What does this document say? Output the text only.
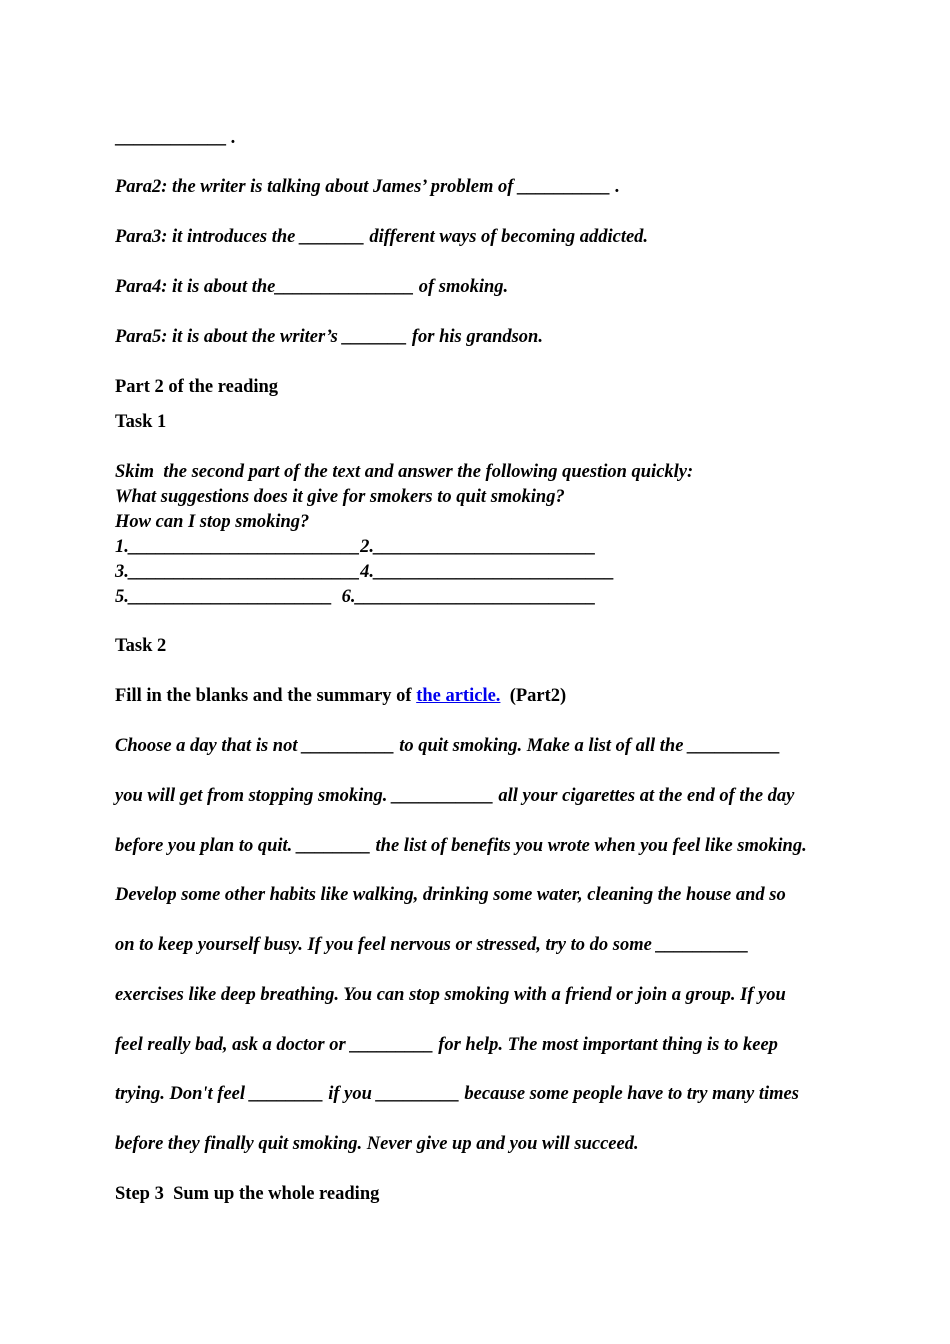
____________ .
Para2: the writer is talking about James’ problem of __________ .
Para3: it introduces the _______ different ways of becoming addicted.
Para4: it is about the_______________ of smoking.
Para5: it is about the writer’s _______ for his grandson.
Part 2 of the reading
Task 1
Skim  the second part of the text and answer the following question quickly:
What suggestions does it give for smokers to quit smoking?
How can I stop smoking?
1._________________________2.________________________
3._________________________4.__________________________
5.______________________  6.__________________________
Task 2
Fill in the blanks and the summary of the article.  (Part2)
Choose a day that is not __________ to quit smoking. Make a list of all the __________
you will get from stopping smoking. ___________ all your cigarettes at the end of the day
before you plan to quit. ________ the list of benefits you wrote when you feel like smoking.
Develop some other habits like walking, drinking some water, cleaning the house and so
on to keep yourself busy. If you feel nervous or stressed, try to do some __________
exercises like deep breathing. You can stop smoking with a friend or join a group. If you
feel really bad, ask a doctor or _________ for help. The most important thing is to keep
trying. Don't feel ________ if you _________ because some people have to try many times
before they finally quit smoking. Never give up and you will succeed.
Step 3  Sum up the whole reading
